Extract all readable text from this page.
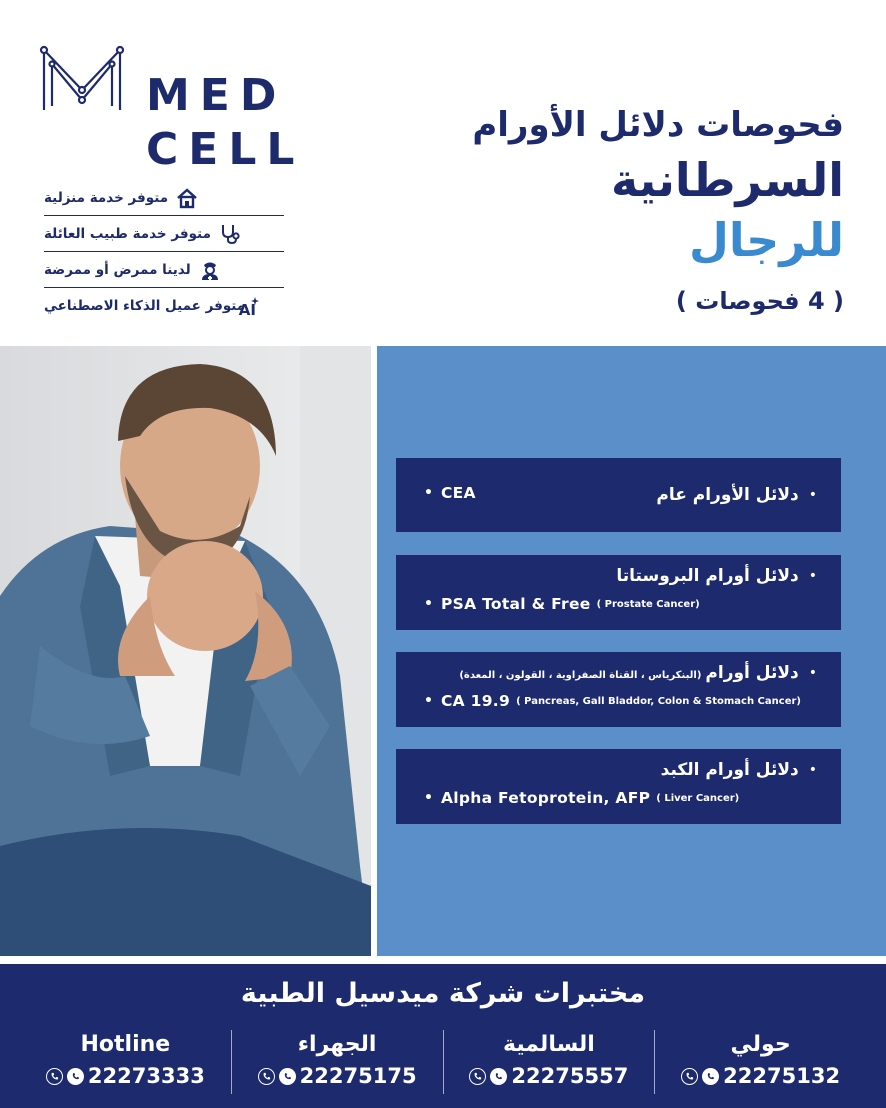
MED
CELL
متوفر خدمة منزلية
متوفر خدمة طبيب العائلة
لدينا ممرض أو ممرضة
AI
متوفر عميل الذكاء الاصطناعي
فحوصات دلائل الأورام
السرطانية
للرجال
( 4 فحوصات )
•
دلائل الأورام عام
• CEA
•
دلائل أورام البروستاتا
• PSA Total & Free ( Prostate Cancer)
•
دلائل أورام
(البنكرياس ، القناة الصفراوية ، القولون ، المعدة)
• CA 19.9 ( Pancreas, Gall Bladdor, Colon & Stomach Cancer)
•
دلائل أورام الكبد
• Alpha Fetoprotein, AFP ( Liver Cancer)
مختبرات شركة ميدسيل الطبية
حولي
22275132
السالمية
22275557
الجهراء
22275175
Hotline
22273333
